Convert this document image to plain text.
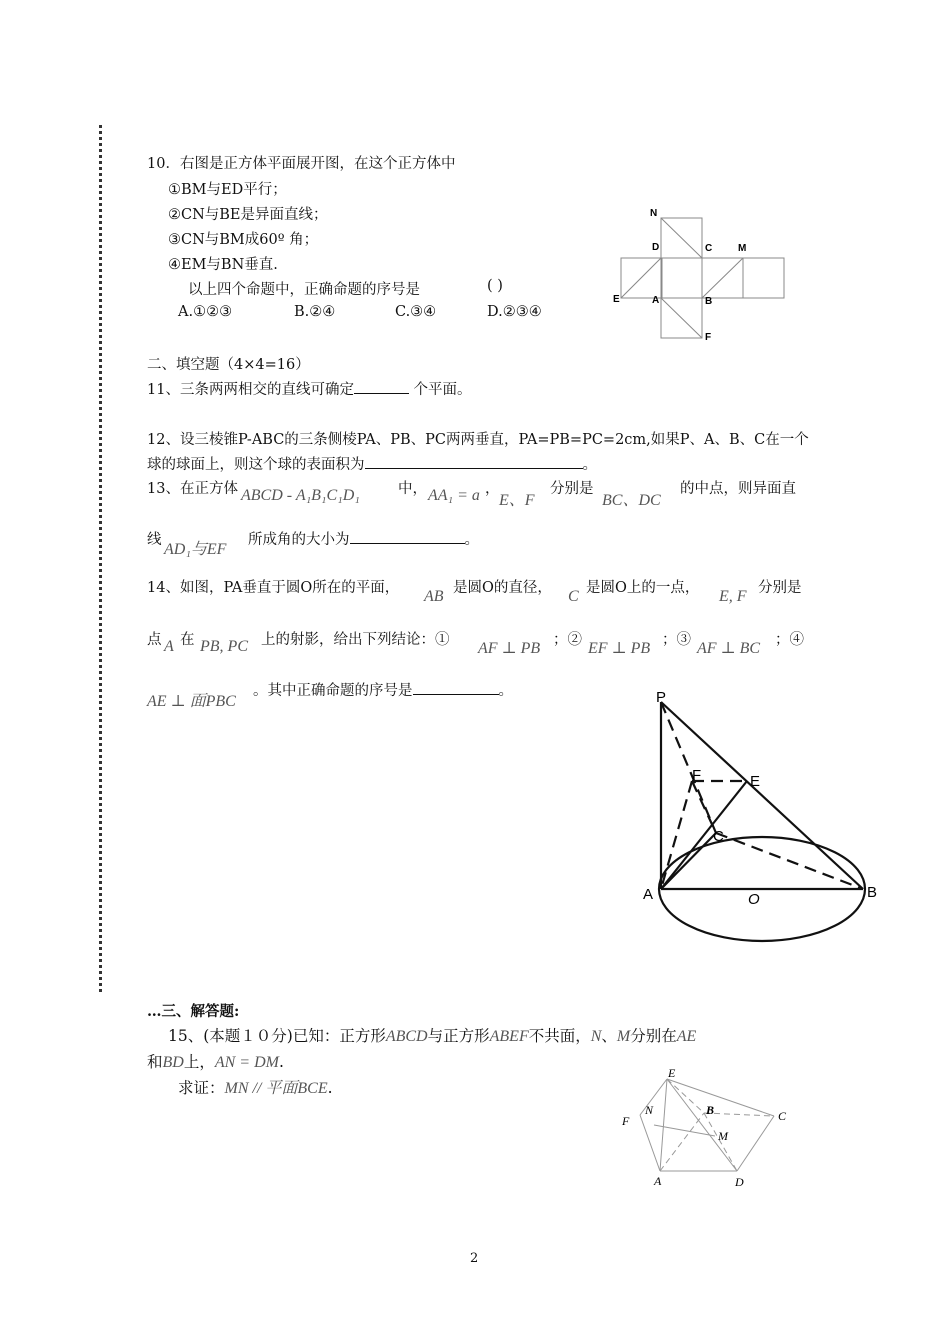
10．右图是正方体平面展开图，在这个正方体中
①BM与ED平行；
②CN与BE是异面直线；
③CN与BM成60º 角；
④EM与BN垂直.
以上四个命题中，正确命题的序号是	( )
A.①②③	B.②④	C.③④	D.②③④
N
D	C	M
E	A	B
F
二、填空题（4×4=16）
11、三条两两相交的直线可确定	个平面。
12、设三棱锥P-ABC的三条侧棱PA、PB、PC两两垂直，PA=PB=PC=2cm,如果P、A、B、C在一个
球的球面上，则这个球的表面积为	。
13、在正方体 ABCD - A₁B₁C₁D₁	中， AA₁ = a ，
E、F
分别是
BC、DC
的中点，则异面直
线
AD₁与EF
所成角的大小为	。
14、如图，PA垂直于圆O所在的平面， AB 是圆O的直径， C 是圆O上的一点， E, F 分别是
点 A 在 PB, PC 上的射影，给出下列结论：① AF ⊥ PB ；② EF ⊥ PB ；③ AF ⊥ BC ；④
AE ⊥ 面PBC
。其中正确命题的序号是	。	P
F	E
C
A	O	B
…三、解答题:
15、(本题１０分)已知：正方形ABCD与正方形ABEF不共面，N、M分别在AE
和BD上，AN = DM.
求证：MN // 平面BCE.
E
N	B	C
F
M
A	D
2
